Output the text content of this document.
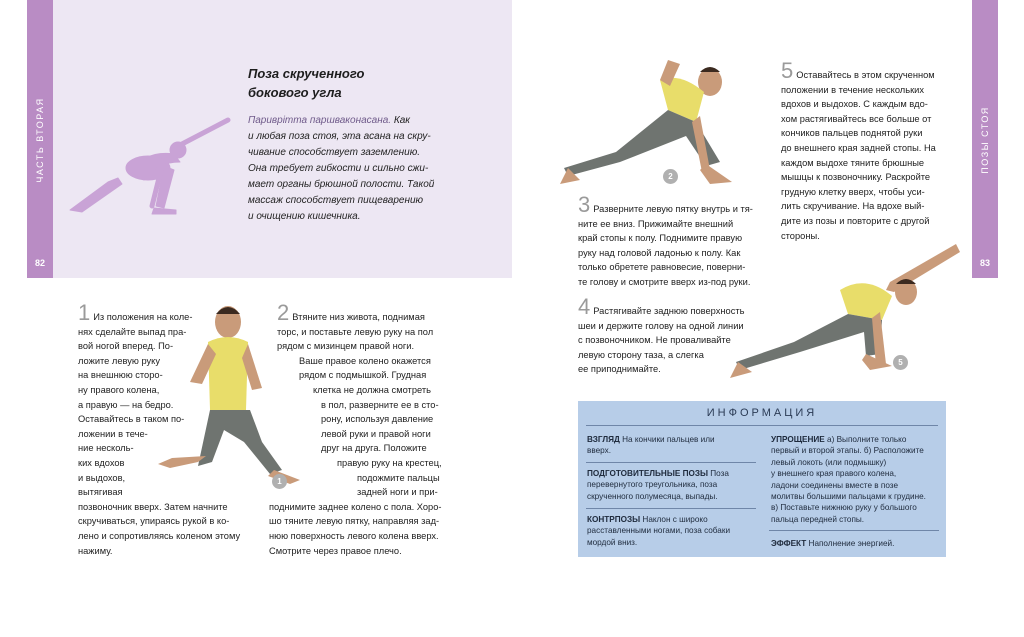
ЧАСТЬ ВТОРАЯ
82
Поза скрученного
бокового угла
Париврітта паршваконасана. Как
и любая поза стоя, эта асана на скру-
чивание способствует заземлению.
Она требует гибкости и сильно сжи-
мает органы брюшной полости. Такой
массаж способствует пищеварению
и очищению кишечника.
1 Из положения на коле-
нях сделайте выпад пра-
вой ногой вперед. По-
ложите левую руку
на внешнюю сторо-
ну правого колена,
а правую — на бедро.
Оставайтесь в таком по-
ложении в тече-
ние несколь-
ких вдохов
и выдохов,
вытягивая
позвоночник вверх. Затем начните
скручиваться, упираясь рукой в ко-
лено и сопротивляясь коленом этому
нажиму.
1
2 Втяните низ живота, поднимая
торс, и поставьте левую руку на пол
рядом с мизинцем правой ноги.
Ваше правое колено окажется
рядом с подмышкой. Грудная
клетка не должна смотреть
в пол, разверните ее в сто-
рону, используя давление
левой руки и правой ноги
друг на друга. Положите
правую руку на крестец,
подожмите пальцы
задней ноги и при-
поднимите заднее колено с пола. Хоро-
шо тяните левую пятку, направляя зад-
нюю поверхность левого колена вверх.
Смотрите через правое плечо.
ПОЗЫ СТОЯ
83
2
5 Оставайтесь в этом скрученном
положении в течение нескольких
вдохов и выдохов. С каждым вдо-
хом растягивайтесь все больше от
кончиков пальцев поднятой руки
до внешнего края задней стопы. На
каждом выдохе тяните брюшные
мышцы к позвоночнику. Раскройте
грудную клетку вверх, чтобы уси-
лить скручивание. На вдохе вый-
дите из позы и повторите с другой
стороны.
3 Разверните левую пятку внутрь и тя-
ните ее вниз. Прижимайте внешний
край стопы к полу. Поднимите правую
руку над головой ладонью к полу. Как
только обретете равновесие, поверни-
те голову и смотрите вверх из-под руки.
4 Растягивайте заднюю поверхность
шеи и держите голову на одной линии
с позвоночником. Не проваливайте
левую сторону таза, а слегка
ее приподнимайте.
5
ИНФОРМАЦИЯ
ВЗГЛЯД На кончики пальцев или
вверх.
ПОДГОТОВИТЕЛЬНЫЕ ПОЗЫ Поза
перевернутого треугольника, поза
скрученного полумесяца, выпады.
КОНТРПОЗЫ Наклон с широко
расставленными ногами, поза собаки
мордой вниз.
УПРОЩЕНИЕ а) Выполните только
первый и второй этапы. б) Расположите
левый локоть (или подмышку)
у внешнего края правого колена,
ладони соединены вместе в позе
молитвы большими пальцами к грудине.
в) Поставьте нижнюю руку у большого
пальца передней стопы.
ЭФФЕКТ Наполнение энергией.
